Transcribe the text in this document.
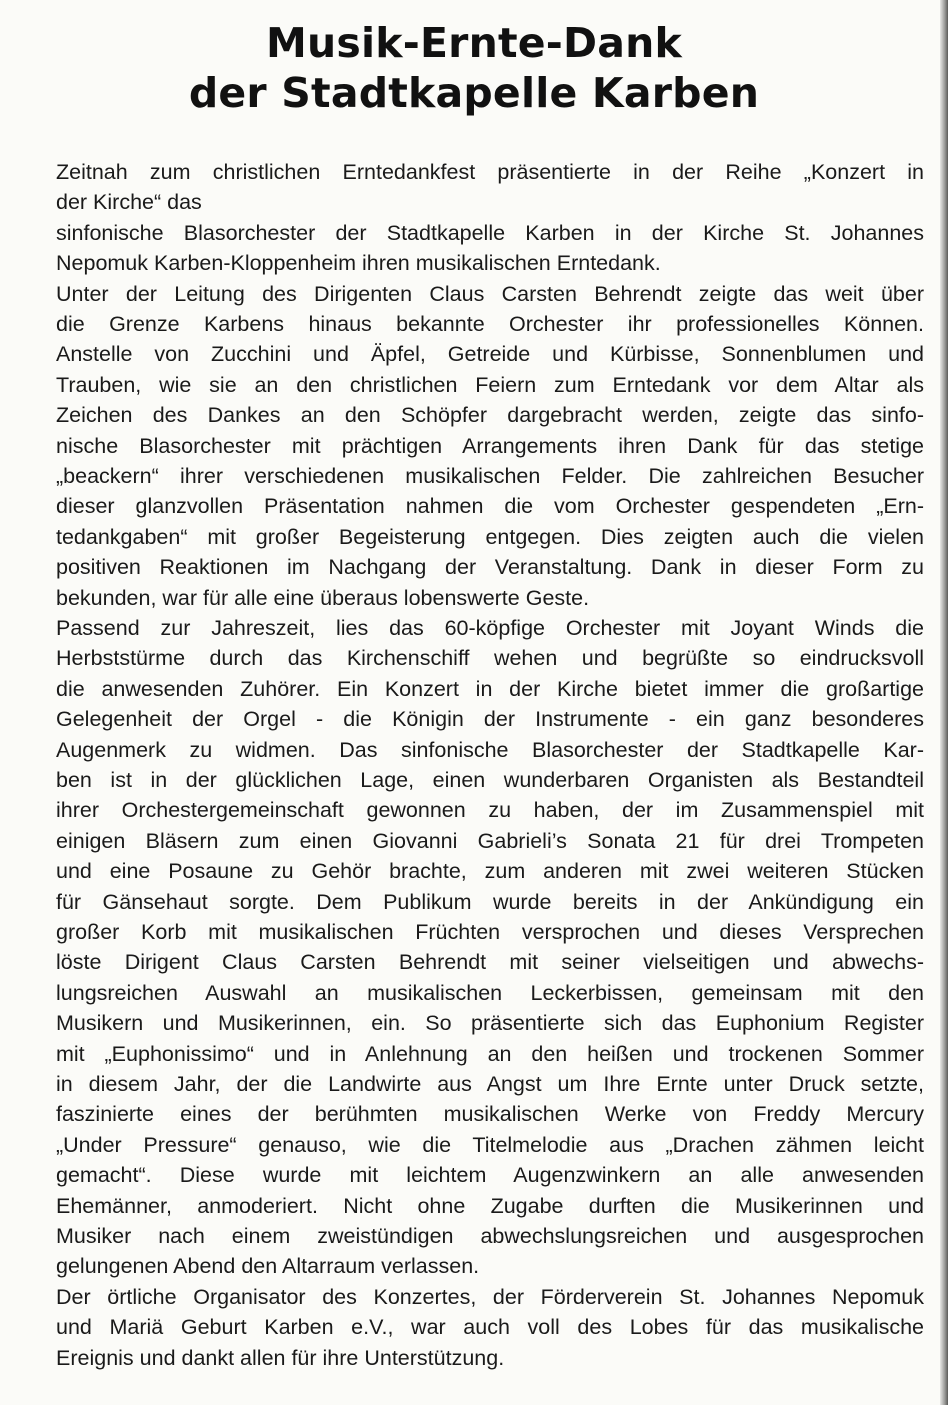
Musik-Ernte-Dank
der Stadtkapelle Karben
Zeitnah zum christlichen Erntedankfest präsentierte in der Reihe „Konzert in
der Kirche“ das
sinfonische Blasorchester der Stadtkapelle Karben in der Kirche St. Johannes
Nepomuk Karben-Kloppenheim ihren musikalischen Erntedank.
Unter der Leitung des Dirigenten Claus Carsten Behrendt zeigte das weit über
die Grenze Karbens hinaus bekannte Orchester ihr professionelles Können.
Anstelle von Zucchini und Äpfel, Getreide und Kürbisse, Sonnenblumen und
Trauben, wie sie an den christlichen Feiern zum Erntedank vor dem Altar als
Zeichen des Dankes an den Schöpfer dargebracht werden, zeigte das sinfo-
nische Blasorchester mit prächtigen Arrangements ihren Dank für das stetige
„beackern“ ihrer verschiedenen musikalischen Felder. Die zahlreichen Besucher
dieser glanzvollen Präsentation nahmen die vom Orchester gespendeten „Ern-
tedankgaben“ mit großer Begeisterung entgegen. Dies zeigten auch die vielen
positiven Reaktionen im Nachgang der Veranstaltung. Dank in dieser Form zu
bekunden, war für alle eine überaus lobenswerte Geste.
Passend zur Jahreszeit, lies das 60-köpfige Orchester mit Joyant Winds die
Herbststürme durch das Kirchenschiff wehen und begrüßte so eindrucksvoll
die anwesenden Zuhörer. Ein Konzert in der Kirche bietet immer die großartige
Gelegenheit der Orgel - die Königin der Instrumente - ein ganz besonderes
Augenmerk zu widmen. Das sinfonische Blasorchester der Stadtkapelle Kar-
ben ist in der glücklichen Lage, einen wunderbaren Organisten als Bestandteil
ihrer Orchestergemeinschaft gewonnen zu haben, der im Zusammenspiel mit
einigen Bläsern zum einen Giovanni Gabrieli’s Sonata 21 für drei Trompeten
und eine Posaune zu Gehör brachte, zum anderen mit zwei weiteren Stücken
für Gänsehaut sorgte. Dem Publikum wurde bereits in der Ankündigung ein
großer Korb mit musikalischen Früchten versprochen und dieses Versprechen
löste Dirigent Claus Carsten Behrendt mit seiner vielseitigen und abwechs-
lungsreichen Auswahl an musikalischen Leckerbissen, gemeinsam mit den
Musikern und Musikerinnen, ein. So präsentierte sich das Euphonium Register
mit „Euphonissimo“ und in Anlehnung an den heißen und trockenen Sommer
in diesem Jahr, der die Landwirte aus Angst um Ihre Ernte unter Druck setzte,
faszinierte eines der berühmten musikalischen Werke von Freddy Mercury
„Under Pressure“ genauso, wie die Titelmelodie aus „Drachen zähmen leicht
gemacht“. Diese wurde mit leichtem Augenzwinkern an alle anwesenden
Ehemänner, anmoderiert. Nicht ohne Zugabe durften die Musikerinnen und
Musiker nach einem zweistündigen abwechslungsreichen und ausgesprochen
gelungenen Abend den Altarraum verlassen.
Der örtliche Organisator des Konzertes, der Förderverein St. Johannes Nepomuk
und Mariä Geburt Karben e.V., war auch voll des Lobes für das musikalische
Ereignis und dankt allen für ihre Unterstützung.
